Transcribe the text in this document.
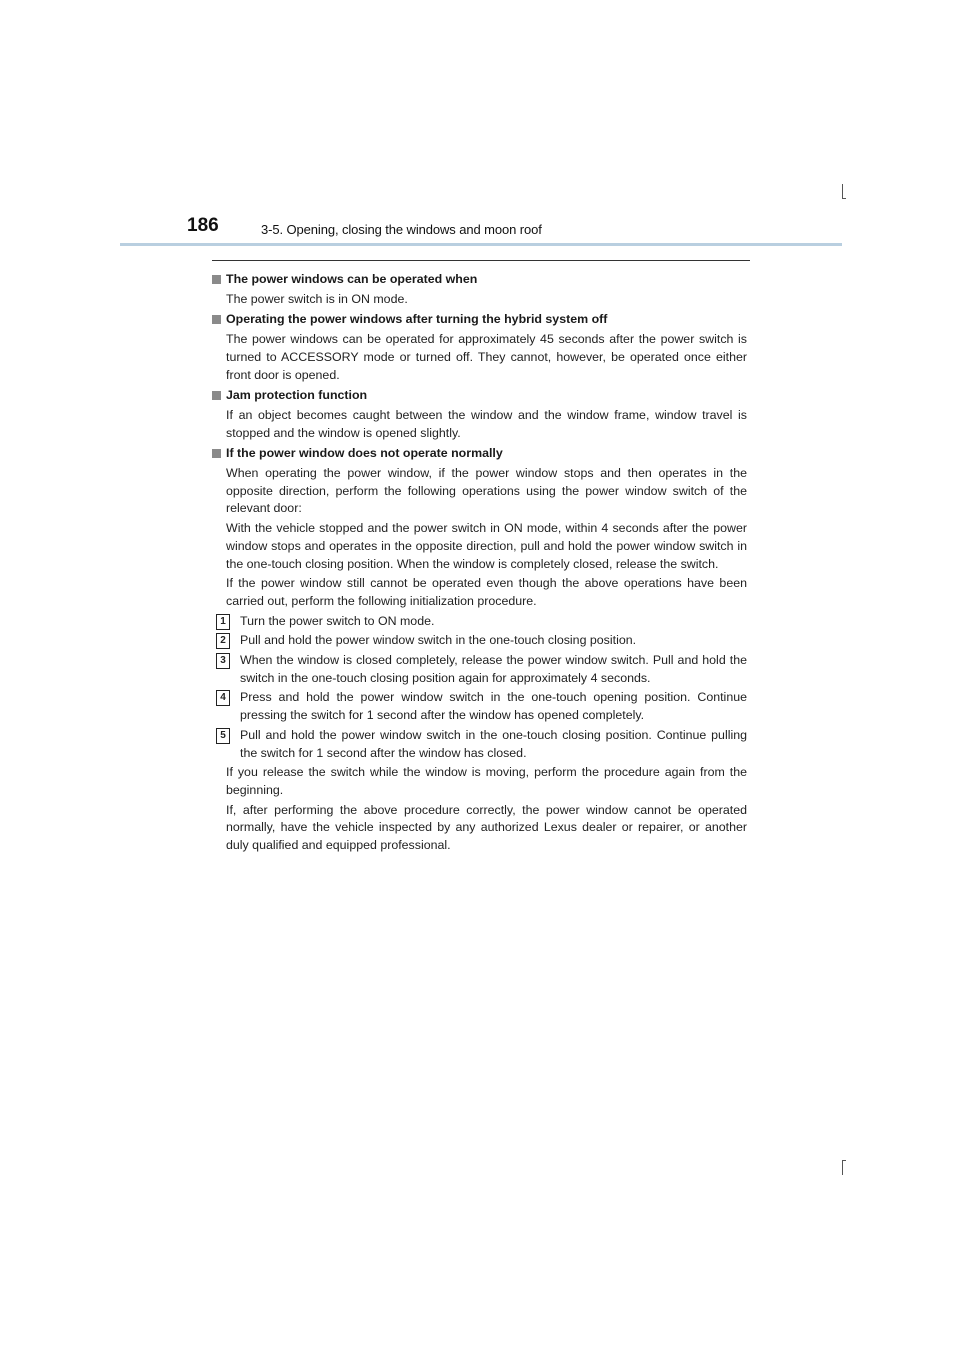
186	3-5. Opening, closing the windows and moon roof
The power windows can be operated when
The power switch is in ON mode.
Operating the power windows after turning the hybrid system off
The power windows can be operated for approximately 45 seconds after the power switch is turned to ACCESSORY mode or turned off. They cannot, however, be operated once either front door is opened.
Jam protection function
If an object becomes caught between the window and the window frame, window travel is stopped and the window is opened slightly.
If the power window does not operate normally
When operating the power window, if the power window stops and then operates in the opposite direction, perform the following operations using the power window switch of the relevant door:
With the vehicle stopped and the power switch in ON mode, within 4 seconds after the power window stops and operates in the opposite direction, pull and hold the power window switch in the one-touch closing position. When the window is completely closed, release the switch.
If the power window still cannot be operated even though the above operations have been carried out, perform the following initialization procedure.
1	Turn the power switch to ON mode.
2	Pull and hold the power window switch in the one-touch closing position.
3	When the window is closed completely, release the power window switch. Pull and hold the switch in the one-touch closing position again for approximately 4 seconds.
4	Press and hold the power window switch in the one-touch opening position. Continue pressing the switch for 1 second after the window has opened completely.
5	Pull and hold the power window switch in the one-touch closing position. Continue pulling the switch for 1 second after the window has closed.
If you release the switch while the window is moving, perform the procedure again from the beginning.
If, after performing the above procedure correctly, the power window cannot be operated normally, have the vehicle inspected by any authorized Lexus dealer or repairer, or another duly qualified and equipped professional.
